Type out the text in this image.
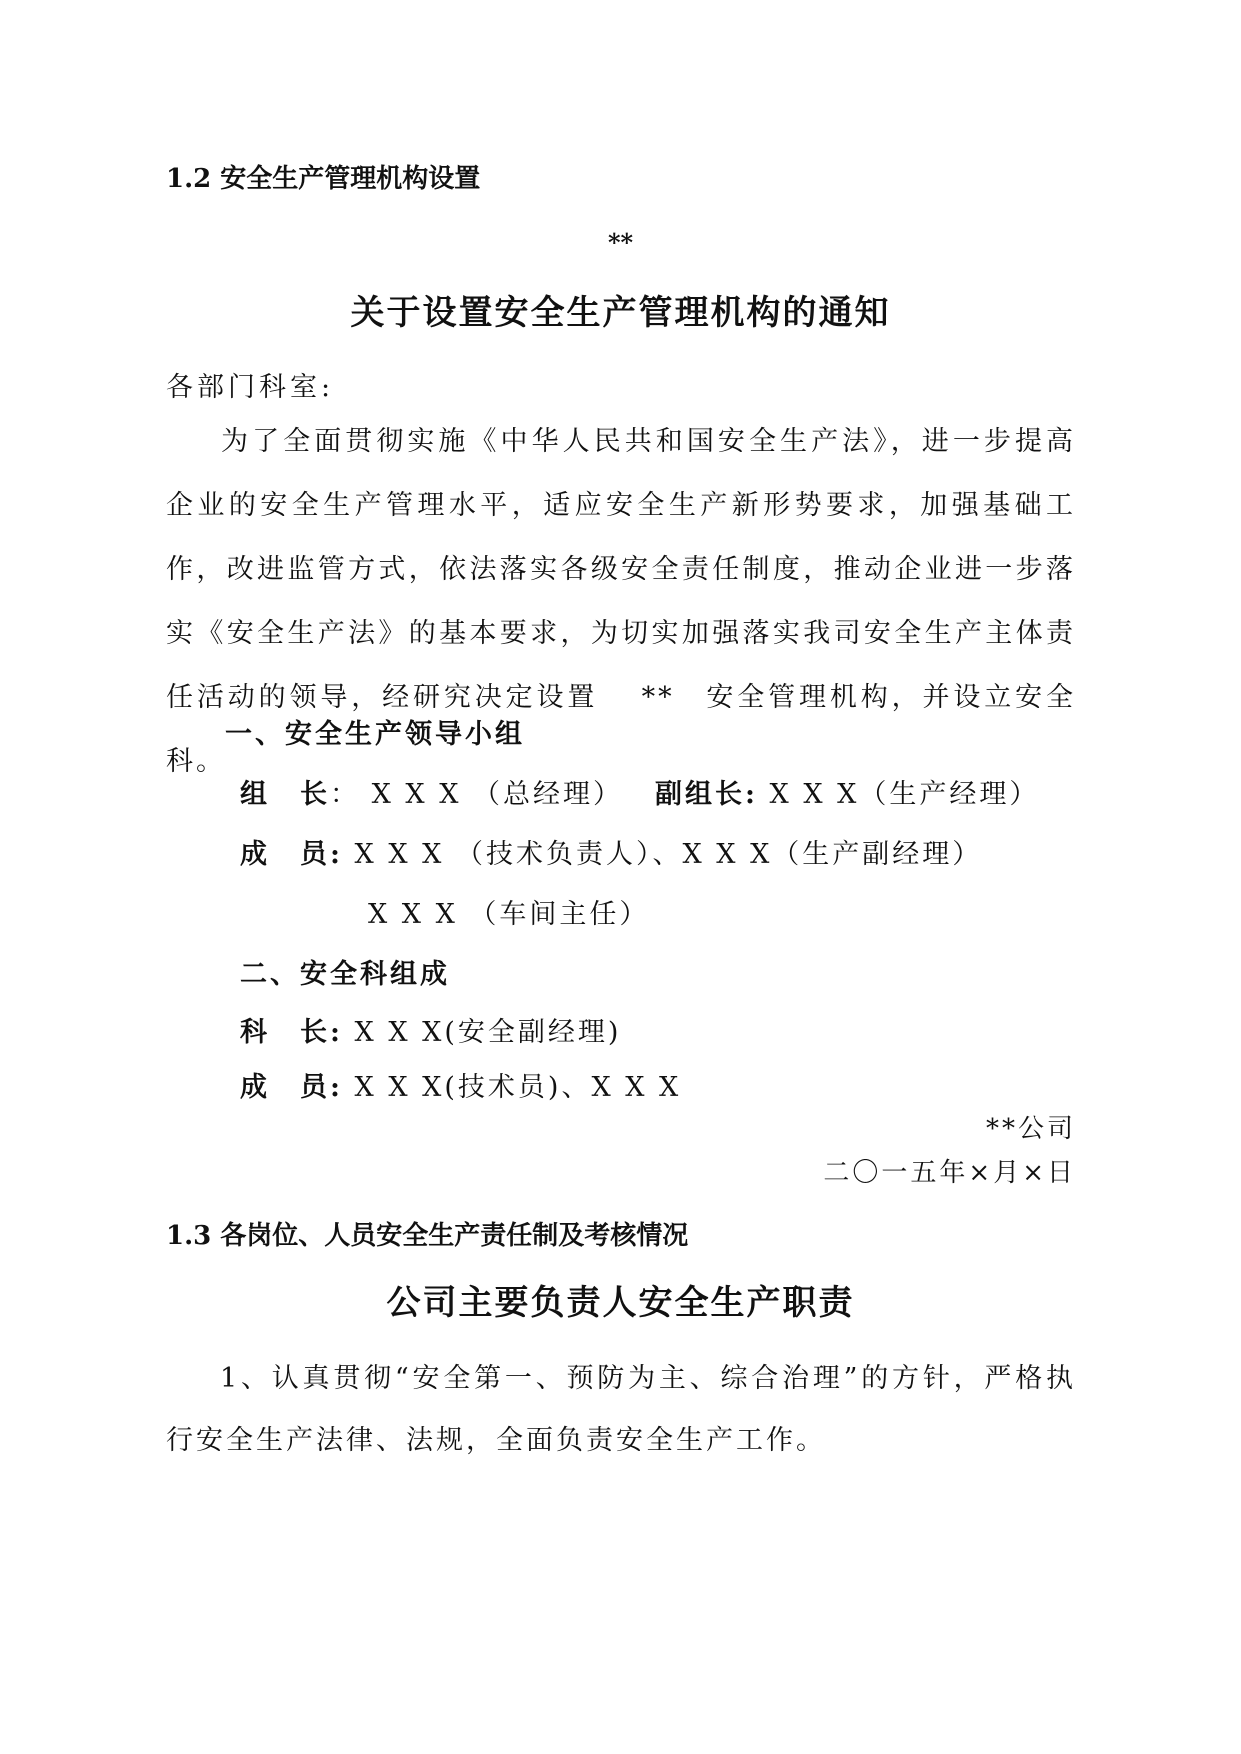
1.2 安全生产管理机构设置
**
关于设置安全生产管理机构的通知
各部门科室:

为了全面贯彻实施《中华人民共和国安全生产法》，进一步提高企业的安全生产管理水平，适应安全生产新形势要求，加强基础工作，改进监管方式，依法落实各级安全责任制度，推动企业进一步落实《安全生产法》的基本要求，为切实加强落实我司安全生产主体责任活动的领导，经研究决定设置　 **　安全管理机构，并设立安全科。

一、安全生产领导小组
组　长： X X X （总经理） 副组长: X X X（生产经理）
成　员: X X X （技术负责人）、X X X（生产副经理）
X X X （车间主任）
二、安全科组成
科　长: X X X(安全副经理)
成　员: X X X(技术员)、X X X
**公司
二〇一五年×月×日
1.3 各岗位、人员安全生产责任制及考核情况
公司主要负责人安全生产职责

1、认真贯彻“安全第一、预防为主、综合治理”的方针，严格执行安全生产法律、法规，全面负责安全生产工作。
